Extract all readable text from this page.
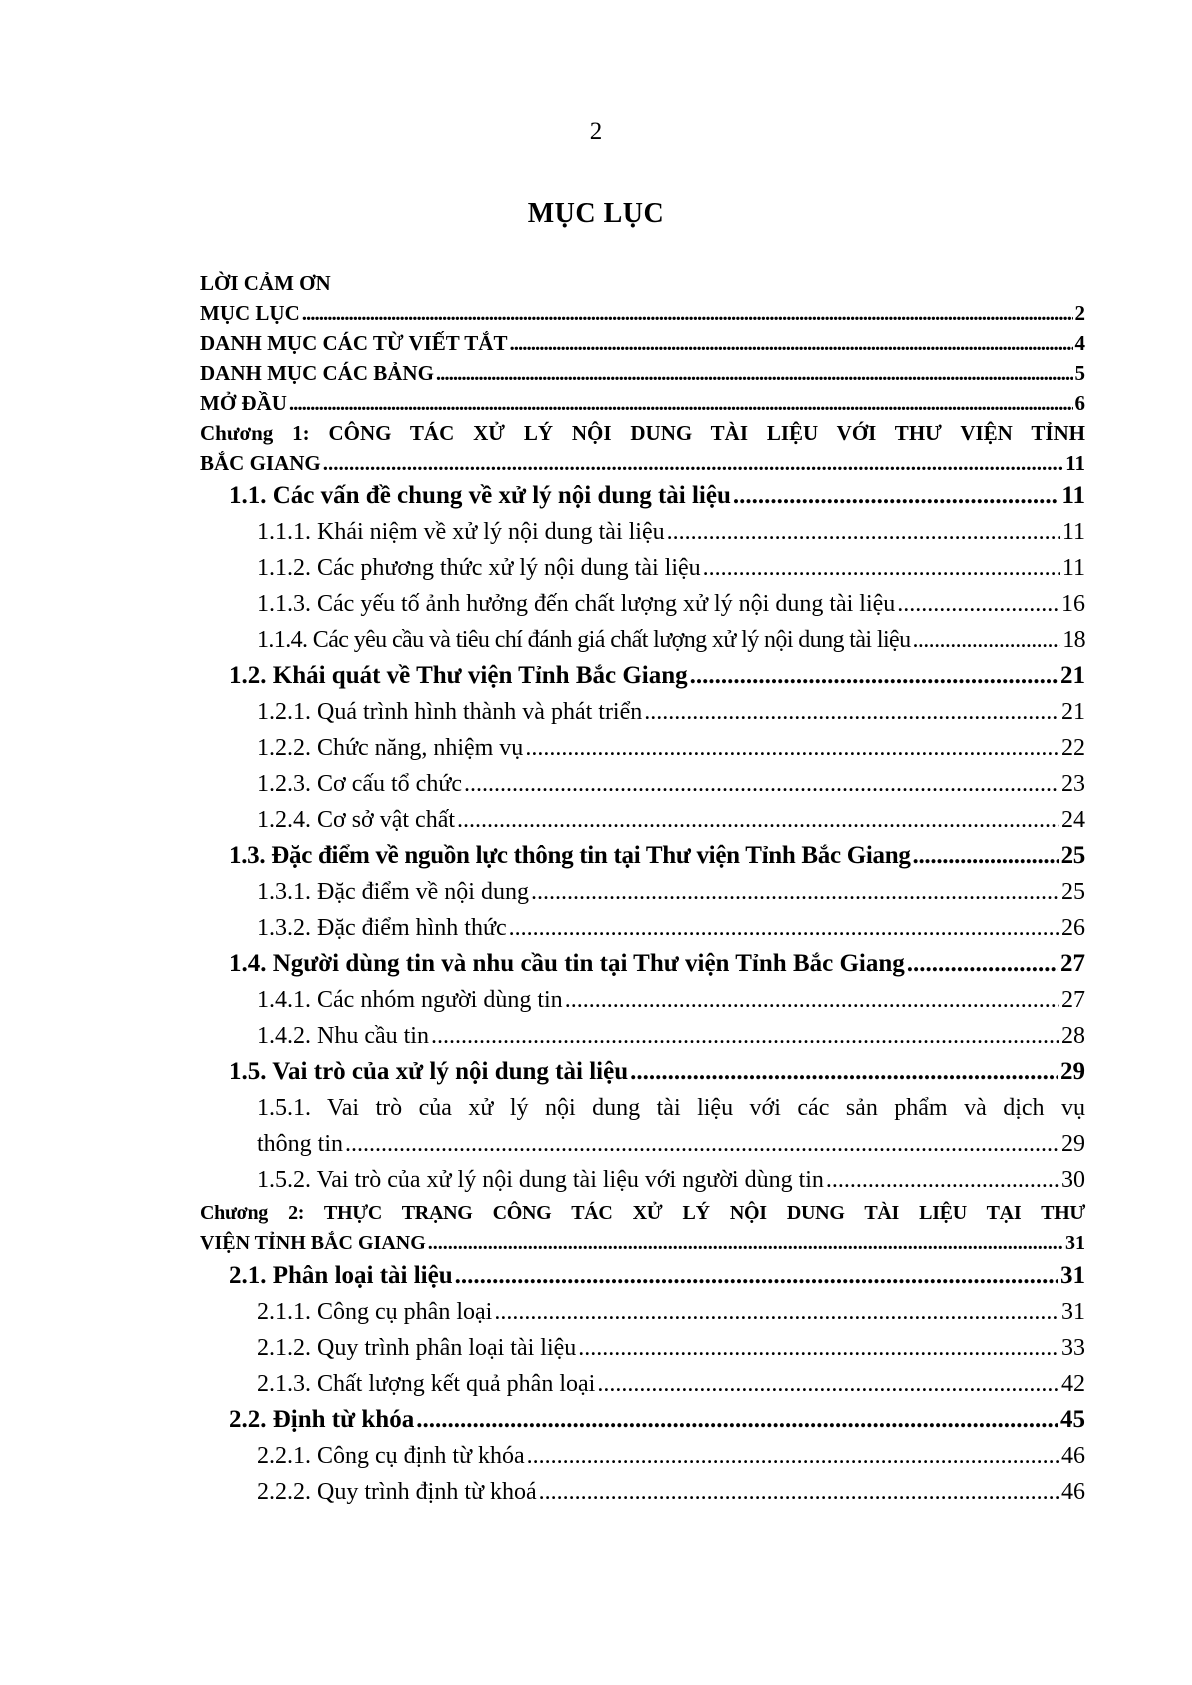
2
MỤC LỤC
LỜI CẢM ƠN
MỤC LỤC .....	2
DANH MỤC CÁC TỪ VIẾT TẮT .....	4
DANH MỤC CÁC BẢNG .....	5
MỞ ĐẦU .....	6
Chương 1: CÔNG TÁC XỬ LÝ NỘI DUNG TÀI LIỆU VỚI THƯ VIỆN TỈNH
BẮC GIANG .....	11
1.1. Các vấn đề chung về xử lý nội dung tài liệu .....	11
1.1.1. Khái niệm về xử lý nội dung tài liệu .....	11
1.1.2. Các phương thức xử lý nội dung tài liệu .....	11
1.1.3. Các yếu tố ảnh hưởng đến chất lượng xử lý nội dung tài liệu .....	16
1.1.4. Các yêu cầu và tiêu chí đánh giá chất lượng xử lý nội dung tài liệu .....	18
1.2. Khái quát về Thư viện Tỉnh Bắc Giang .....	21
1.2.1. Quá trình hình thành và phát triển .....	21
1.2.2. Chức năng, nhiệm vụ .....	22
1.2.3. Cơ cấu tổ chức .....	23
1.2.4. Cơ sở vật chất .....	24
1.3. Đặc điểm về nguồn lực thông tin tại Thư viện Tỉnh Bắc Giang .....	25
1.3.1. Đặc điểm về nội dung .....	25
1.3.2. Đặc điểm hình thức .....	26
1.4. Người dùng tin và nhu cầu tin tại Thư viện Tỉnh Bắc Giang .....	27
1.4.1. Các nhóm người dùng tin .....	27
1.4.2. Nhu cầu tin .....	28
1.5. Vai trò của xử lý nội dung tài liệu .....	29
1.5.1. Vai trò của xử lý nội dung tài liệu với các sản phẩm và dịch vụ
thông tin .....	29
1.5.2. Vai trò của xử lý nội dung tài liệu với người dùng tin .....	30
Chương 2: THỰC TRẠNG CÔNG TÁC XỬ LÝ NỘI DUNG TÀI LIỆU TẠI THƯ
VIỆN TỈNH BẮC GIANG .....	31
2.1. Phân loại tài liệu .....	31
2.1.1. Công cụ phân loại .....	31
2.1.2. Quy trình phân loại tài liệu .....	33
2.1.3. Chất lượng kết quả phân loại .....	42
2.2. Định từ khóa .....	45
2.2.1. Công cụ định từ khóa .....	46
2.2.2. Quy trình định từ khoá .....	46
